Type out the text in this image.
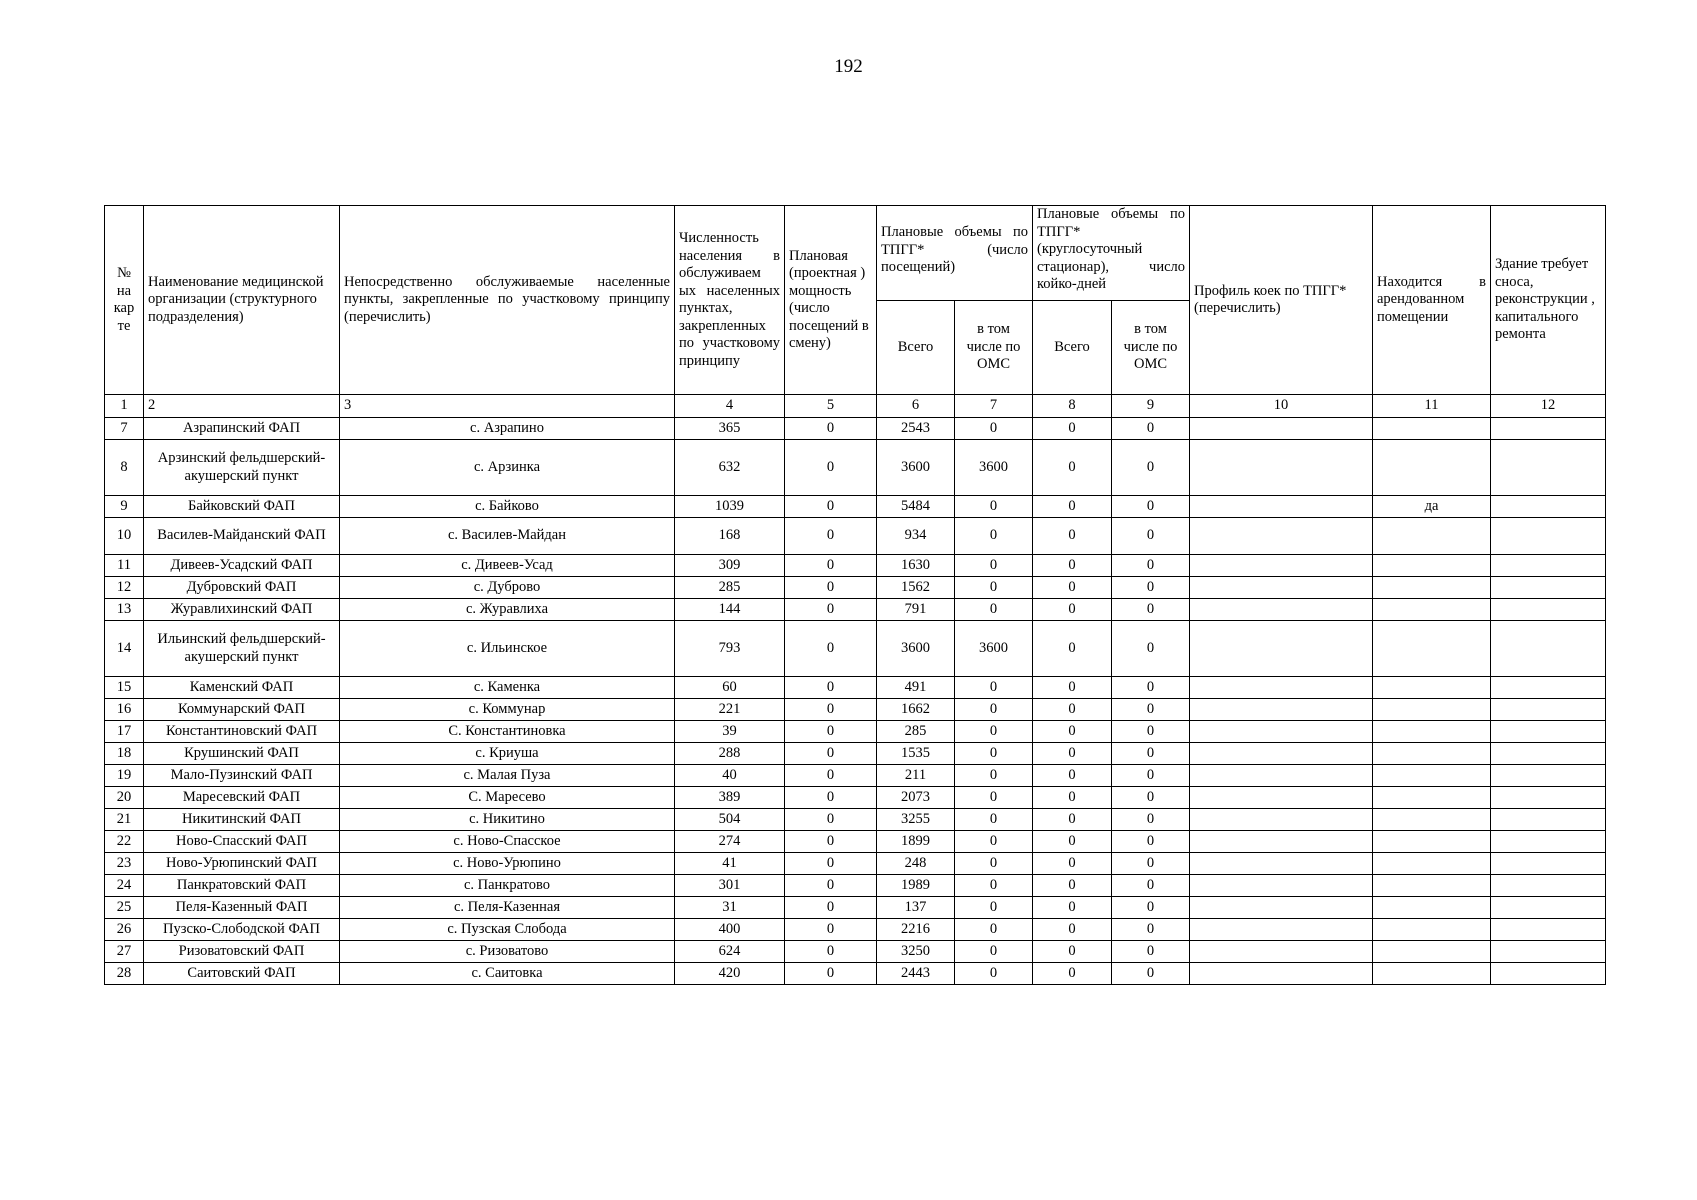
192
№ на кар те	Наименование медицинской организации (структурного подразделения)	Непосредственно обслуживаемые населенные пункты, закрепленные по участковому принципу (перечислить)	Численность населения в обслуживаем ых населенных пунктах, закрепленных по участковому принципу	Плановая (проектная ) мощность (число посещений в смену)	Плановые объемы по ТПГГ* (число посещений)		Плановые объемы по ТПГГ* (круглосуточный стационар), число койко-дней		Профиль коек по ТПГГ* (перечислить)	Находится в арендованном помещении	Здание требует сноса, реконструкции , капитального ремонта
					Всего	в том числе по ОМС	Всего	в том числе по ОМС			
1	2	3	4	5	6	7	8	9	10	11	12
7	Азрапинский ФАП	с. Азрапино	365	0	2543	0	0	0			
8	Арзинский фельдшерский-акушерский пункт	с. Арзинка	632	0	3600	3600	0	0			
9	Байковский ФАП	с. Байково	1039	0	5484	0	0	0		да	
10	Василев-Майданский ФАП	с. Василев-Майдан	168	0	934	0	0	0			
11	Дивеев-Усадский ФАП	с. Дивеев-Усад	309	0	1630	0	0	0			
12	Дубровский ФАП	с. Дуброво	285	0	1562	0	0	0			
13	Журавлихинский ФАП	с. Журавлиха	144	0	791	0	0	0			
14	Ильинский фельдшерский-акушерский пункт	с. Ильинское	793	0	3600	3600	0	0			
15	Каменский ФАП	с. Каменка	60	0	491	0	0	0			
16	Коммунарский ФАП	с. Коммунар	221	0	1662	0	0	0			
17	Константиновский ФАП	С. Константиновка	39	0	285	0	0	0			
18	Крушинский ФАП	с. Криуша	288	0	1535	0	0	0			
19	Мало-Пузинский ФАП	с. Малая Пуза	40	0	211	0	0	0			
20	Маресевский ФАП	С. Маресево	389	0	2073	0	0	0			
21	Никитинский ФАП	с. Никитино	504	0	3255	0	0	0			
22	Ново-Спасский ФАП	с. Ново-Спасское	274	0	1899	0	0	0			
23	Ново-Урюпинский ФАП	с. Ново-Урюпино	41	0	248	0	0	0			
24	Панкратовский ФАП	с. Панкратово	301	0	1989	0	0	0			
25	Пеля-Казенный ФАП	с. Пеля-Казенная	31	0	137	0	0	0			
26	Пузско-Слободской ФАП	с. Пузская Слобода	400	0	2216	0	0	0			
27	Ризоватовский ФАП	с. Ризоватово	624	0	3250	0	0	0			
28	Саитовский ФАП	с. Саитовка	420	0	2443	0	0	0			
